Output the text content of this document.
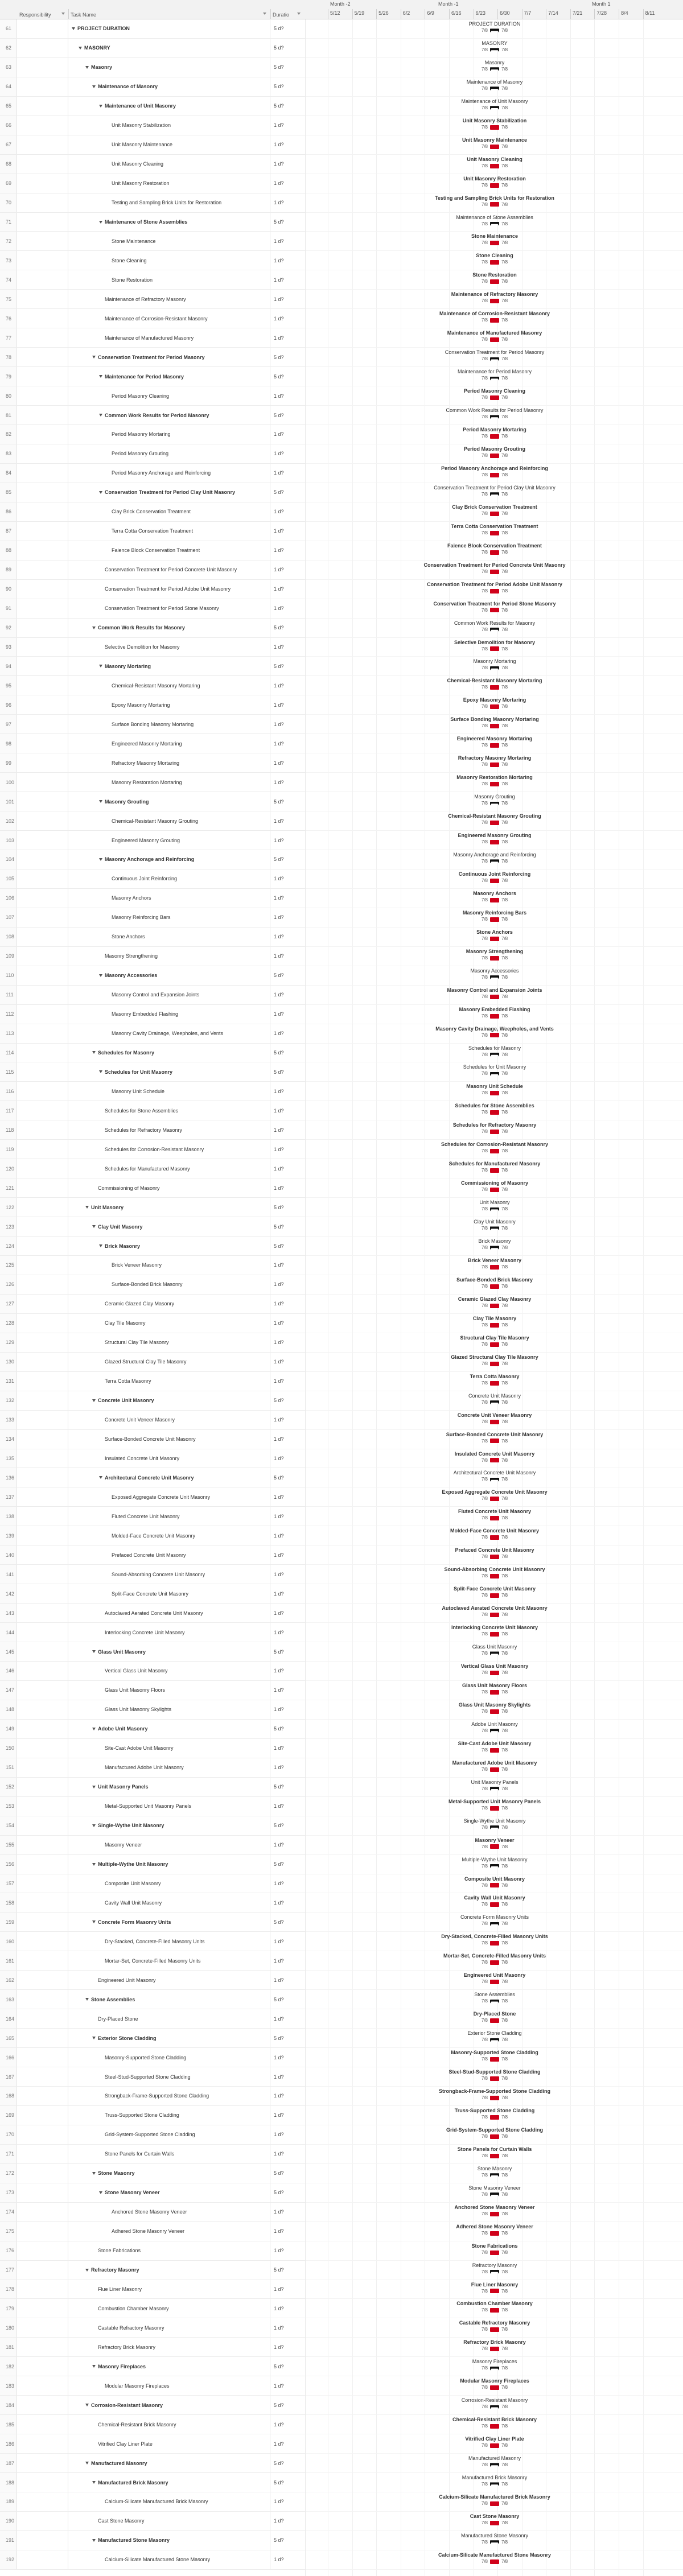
Responsibility	Task Name	Duratio
61	PROJECT DURATION	5 d?
62	MASONRY	5 d?
63	Masonry	5 d?
64	Maintenance of Masonry	5 d?
65	Maintenance of Unit Masonry	5 d?
66	Unit Masonry Stabilization	1 d?
67	Unit Masonry Maintenance	1 d?
68	Unit Masonry Cleaning	1 d?
69	Unit Masonry Restoration	1 d?
70	Testing and Sampling Brick Units for Restoration	1 d?
71	Maintenance of Stone Assemblies	5 d?
72	Stone Maintenance	1 d?
73	Stone Cleaning	1 d?
74	Stone Restoration	1 d?
75	Maintenance of Refractory Masonry	1 d?
76	Maintenance of Corrosion-Resistant Masonry	1 d?
77	Maintenance of Manufactured Masonry	1 d?
78	Conservation Treatment for Period Masonry	5 d?
79	Maintenance for Period Masonry	5 d?
80	Period Masonry Cleaning	1 d?
81	Common Work Results for Period Masonry	5 d?
82	Period Masonry Mortaring	1 d?
83	Period Masonry Grouting	1 d?
84	Period Masonry Anchorage and Reinforcing	1 d?
85	Conservation Treatment for Period Clay Unit Masonry	5 d?
86	Clay Brick Conservation Treatment	1 d?
87	Terra Cotta Conservation Treatment	1 d?
88	Faience Block Conservation Treatment	1 d?
89	Conservation Treatment for Period Concrete Unit Masonry	1 d?
90	Conservation Treatment for Period Adobe Unit Masonry	1 d?
91	Conservation Treatment for Period Stone Masonry	1 d?
92	Common Work Results for Masonry	5 d?
93	Selective Demolition for Masonry	1 d?
94	Masonry Mortaring	5 d?
95	Chemical-Resistant Masonry Mortaring	1 d?
96	Epoxy Masonry Mortaring	1 d?
97	Surface Bonding Masonry Mortaring	1 d?
98	Engineered Masonry Mortaring	1 d?
99	Refractory Masonry Mortaring	1 d?
100	Masonry Restoration Mortaring	1 d?
101	Masonry Grouting	5 d?
102	Chemical-Resistant Masonry Grouting	1 d?
103	Engineered Masonry Grouting	1 d?
104	Masonry Anchorage and Reinforcing	5 d?
105	Continuous Joint Reinforcing	1 d?
106	Masonry Anchors	1 d?
107	Masonry Reinforcing Bars	1 d?
108	Stone Anchors	1 d?
109	Masonry Strengthening	1 d?
110	Masonry Accessories	5 d?
111	Masonry Control and Expansion Joints	1 d?
112	Masonry Embedded Flashing	1 d?
113	Masonry Cavity Drainage, Weepholes, and Vents	1 d?
114	Schedules for Masonry	5 d?
115	Schedules for Unit Masonry	5 d?
116	Masonry Unit Schedule	1 d?
117	Schedules for Stone Assemblies	1 d?
118	Schedules for Refractory Masonry	1 d?
119	Schedules for Corrosion-Resistant Masonry	1 d?
120	Schedules for Manufactured Masonry	1 d?
121	Commissioning of Masonry	1 d?
122	Unit Masonry	5 d?
123	Clay Unit Masonry	5 d?
124	Brick Masonry	5 d?
125	Brick Veneer Masonry	1 d?
126	Surface-Bonded Brick Masonry	1 d?
127	Ceramic Glazed Clay Masonry	1 d?
128	Clay Tile Masonry	1 d?
129	Structural Clay Tile Masonry	1 d?
130	Glazed Structural Clay Tile Masonry	1 d?
131	Terra Cotta Masonry	1 d?
132	Concrete Unit Masonry	5 d?
133	Concrete Unit Veneer Masonry	1 d?
134	Surface-Bonded Concrete Unit Masonry	1 d?
135	Insulated Concrete Unit Masonry	1 d?
136	Architectural Concrete Unit Masonry	5 d?
137	Exposed Aggregate Concrete Unit Masonry	1 d?
138	Fluted Concrete Unit Masonry	1 d?
139	Molded-Face Concrete Unit Masonry	1 d?
140	Prefaced Concrete Unit Masonry	1 d?
141	Sound-Absorbing Concrete Unit Masonry	1 d?
142	Split-Face Concrete Unit Masonry	1 d?
143	Autoclaved Aerated Concrete Unit Masonry	1 d?
144	Interlocking Concrete Unit Masonry	1 d?
145	Glass Unit Masonry	5 d?
146	Vertical Glass Unit Masonry	1 d?
147	Glass Unit Masonry Floors	1 d?
148	Glass Unit Masonry Skylights	1 d?
149	Adobe Unit Masonry	5 d?
150	Site-Cast Adobe Unit Masonry	1 d?
151	Manufactured Adobe Unit Masonry	1 d?
152	Unit Masonry Panels	5 d?
153	Metal-Supported Unit Masonry Panels	1 d?
154	Single-Wythe Unit Masonry	5 d?
155	Masonry Veneer	1 d?
156	Multiple-Wythe Unit Masonry	5 d?
157	Composite Unit Masonry	1 d?
158	Cavity Wall Unit Masonry	1 d?
159	Concrete Form Masonry Units	5 d?
160	Dry-Stacked, Concrete-Filled Masonry Units	1 d?
161	Mortar-Set, Concrete-Filled Masonry Units	1 d?
162	Engineered Unit Masonry	1 d?
163	Stone Assemblies	5 d?
164	Dry-Placed Stone	1 d?
165	Exterior Stone Cladding	5 d?
166	Masonry-Supported Stone Cladding	1 d?
167	Steel-Stud-Supported Stone Cladding	1 d?
168	Strongback-Frame-Supported Stone Cladding	1 d?
169	Truss-Supported Stone Cladding	1 d?
170	Grid-System-Supported Stone Cladding	1 d?
171	Stone Panels for Curtain Walls	1 d?
172	Stone Masonry	5 d?
173	Stone Masonry Veneer	5 d?
174	Anchored Stone Masonry Veneer	1 d?
175	Adhered Stone Masonry Veneer	1 d?
176	Stone Fabrications	1 d?
177	Refractory Masonry	5 d?
178	Flue Liner Masonry	1 d?
179	Combustion Chamber Masonry	1 d?
180	Castable Refractory Masonry	1 d?
181	Refractory Brick Masonry	1 d?
182	Masonry Fireplaces	5 d?
183	Modular Masonry Fireplaces	1 d?
184	Corrosion-Resistant Masonry	5 d?
185	Chemical-Resistant Brick Masonry	1 d?
186	Vitrified Clay Liner Plate	1 d?
187	Manufactured Masonry	5 d?
188	Manufactured Brick Masonry	5 d?
189	Calcium-Silicate Manufactured Brick Masonry	1 d?
190	Cast Stone Masonry	1 d?
191	Manufactured Stone Masonry	5 d?
192	Calcium-Silicate Manufactured Stone Masonry	1 d?
Month -2	Month -1	Month 1
5/12	5/19	5/26	6/2	6/9	6/16	6/23	6/30	7/7	7/14	7/21	7/28	8/4	8/11
PROJECT DURATION
7/8	7/8
MASONRY
7/8	7/8
Masonry
7/8	7/8
Maintenance of Masonry
7/8	7/8
Maintenance of Unit Masonry
7/8	7/8
Unit Masonry Stabilization
7/8	7/8
Unit Masonry Maintenance
7/8	7/8
Unit Masonry Cleaning
7/8	7/8
Unit Masonry Restoration
7/8	7/8
Testing and Sampling Brick Units for Restoration
7/8	7/8
Maintenance of Stone Assemblies
7/8	7/8
Stone Maintenance
7/8	7/8
Stone Cleaning
7/8	7/8
Stone Restoration
7/8	7/8
Maintenance of Refractory Masonry
7/8	7/8
Maintenance of Corrosion-Resistant Masonry
7/8	7/8
Maintenance of Manufactured Masonry
7/8	7/8
Conservation Treatment for Period Masonry
7/8	7/8
Maintenance for Period Masonry
7/8	7/8
Period Masonry Cleaning
7/8	7/8
Common Work Results for Period Masonry
7/8	7/8
Period Masonry Mortaring
7/8	7/8
Period Masonry Grouting
7/8	7/8
Period Masonry Anchorage and Reinforcing
7/8	7/8
Conservation Treatment for Period Clay Unit Masonry
7/8	7/8
Clay Brick Conservation Treatment
7/8	7/8
Terra Cotta Conservation Treatment
7/8	7/8
Faience Block Conservation Treatment
7/8	7/8
Conservation Treatment for Period Concrete Unit Masonry
7/8	7/8
Conservation Treatment for Period Adobe Unit Masonry
7/8	7/8
Conservation Treatment for Period Stone Masonry
7/8	7/8
Common Work Results for Masonry
7/8	7/8
Selective Demolition for Masonry
7/8	7/8
Masonry Mortaring
7/8	7/8
Chemical-Resistant Masonry Mortaring
7/8	7/8
Epoxy Masonry Mortaring
7/8	7/8
Surface Bonding Masonry Mortaring
7/8	7/8
Engineered Masonry Mortaring
7/8	7/8
Refractory Masonry Mortaring
7/8	7/8
Masonry Restoration Mortaring
7/8	7/8
Masonry Grouting
7/8	7/8
Chemical-Resistant Masonry Grouting
7/8	7/8
Engineered Masonry Grouting
7/8	7/8
Masonry Anchorage and Reinforcing
7/8	7/8
Continuous Joint Reinforcing
7/8	7/8
Masonry Anchors
7/8	7/8
Masonry Reinforcing Bars
7/8	7/8
Stone Anchors
7/8	7/8
Masonry Strengthening
7/8	7/8
Masonry Accessories
7/8	7/8
Masonry Control and Expansion Joints
7/8	7/8
Masonry Embedded Flashing
7/8	7/8
Masonry Cavity Drainage, Weepholes, and Vents
7/8	7/8
Schedules for Masonry
7/8	7/8
Schedules for Unit Masonry
7/8	7/8
Masonry Unit Schedule
7/8	7/8
Schedules for Stone Assemblies
7/8	7/8
Schedules for Refractory Masonry
7/8	7/8
Schedules for Corrosion-Resistant Masonry
7/8	7/8
Schedules for Manufactured Masonry
7/8	7/8
Commissioning of Masonry
7/8	7/8
Unit Masonry
7/8	7/8
Clay Unit Masonry
7/8	7/8
Brick Masonry
7/8	7/8
Brick Veneer Masonry
7/8	7/8
Surface-Bonded Brick Masonry
7/8	7/8
Ceramic Glazed Clay Masonry
7/8	7/8
Clay Tile Masonry
7/8	7/8
Structural Clay Tile Masonry
7/8	7/8
Glazed Structural Clay Tile Masonry
7/8	7/8
Terra Cotta Masonry
7/8	7/8
Concrete Unit Masonry
7/8	7/8
Concrete Unit Veneer Masonry
7/8	7/8
Surface-Bonded Concrete Unit Masonry
7/8	7/8
Insulated Concrete Unit Masonry
7/8	7/8
Architectural Concrete Unit Masonry
7/8	7/8
Exposed Aggregate Concrete Unit Masonry
7/8	7/8
Fluted Concrete Unit Masonry
7/8	7/8
Molded-Face Concrete Unit Masonry
7/8	7/8
Prefaced Concrete Unit Masonry
7/8	7/8
Sound-Absorbing Concrete Unit Masonry
7/8	7/8
Split-Face Concrete Unit Masonry
7/8	7/8
Autoclaved Aerated Concrete Unit Masonry
7/8	7/8
Interlocking Concrete Unit Masonry
7/8	7/8
Glass Unit Masonry
7/8	7/8
Vertical Glass Unit Masonry
7/8	7/8
Glass Unit Masonry Floors
7/8	7/8
Glass Unit Masonry Skylights
7/8	7/8
Adobe Unit Masonry
7/8	7/8
Site-Cast Adobe Unit Masonry
7/8	7/8
Manufactured Adobe Unit Masonry
7/8	7/8
Unit Masonry Panels
7/8	7/8
Metal-Supported Unit Masonry Panels
7/8	7/8
Single-Wythe Unit Masonry
7/8	7/8
Masonry Veneer
7/8	7/8
Multiple-Wythe Unit Masonry
7/8	7/8
Composite Unit Masonry
7/8	7/8
Cavity Wall Unit Masonry
7/8	7/8
Concrete Form Masonry Units
7/8	7/8
Dry-Stacked, Concrete-Filled Masonry Units
7/8	7/8
Mortar-Set, Concrete-Filled Masonry Units
7/8	7/8
Engineered Unit Masonry
7/8	7/8
Stone Assemblies
7/8	7/8
Dry-Placed Stone
7/8	7/8
Exterior Stone Cladding
7/8	7/8
Masonry-Supported Stone Cladding
7/8	7/8
Steel-Stud-Supported Stone Cladding
7/8	7/8
Strongback-Frame-Supported Stone Cladding
7/8	7/8
Truss-Supported Stone Cladding
7/8	7/8
Grid-System-Supported Stone Cladding
7/8	7/8
Stone Panels for Curtain Walls
7/8	7/8
Stone Masonry
7/8	7/8
Stone Masonry Veneer
7/8	7/8
Anchored Stone Masonry Veneer
7/8	7/8
Adhered Stone Masonry Veneer
7/8	7/8
Stone Fabrications
7/8	7/8
Refractory Masonry
7/8	7/8
Flue Liner Masonry
7/8	7/8
Combustion Chamber Masonry
7/8	7/8
Castable Refractory Masonry
7/8	7/8
Refractory Brick Masonry
7/8	7/8
Masonry Fireplaces
7/8	7/8
Modular Masonry Fireplaces
7/8	7/8
Corrosion-Resistant Masonry
7/8	7/8
Chemical-Resistant Brick Masonry
7/8	7/8
Vitrified Clay Liner Plate
7/8	7/8
Manufactured Masonry
7/8	7/8
Manufactured Brick Masonry
7/8	7/8
Calcium-Silicate Manufactured Brick Masonry
7/8	7/8
Cast Stone Masonry
7/8	7/8
Manufactured Stone Masonry
7/8	7/8
Calcium-Silicate Manufactured Stone Masonry
7/8	7/8
